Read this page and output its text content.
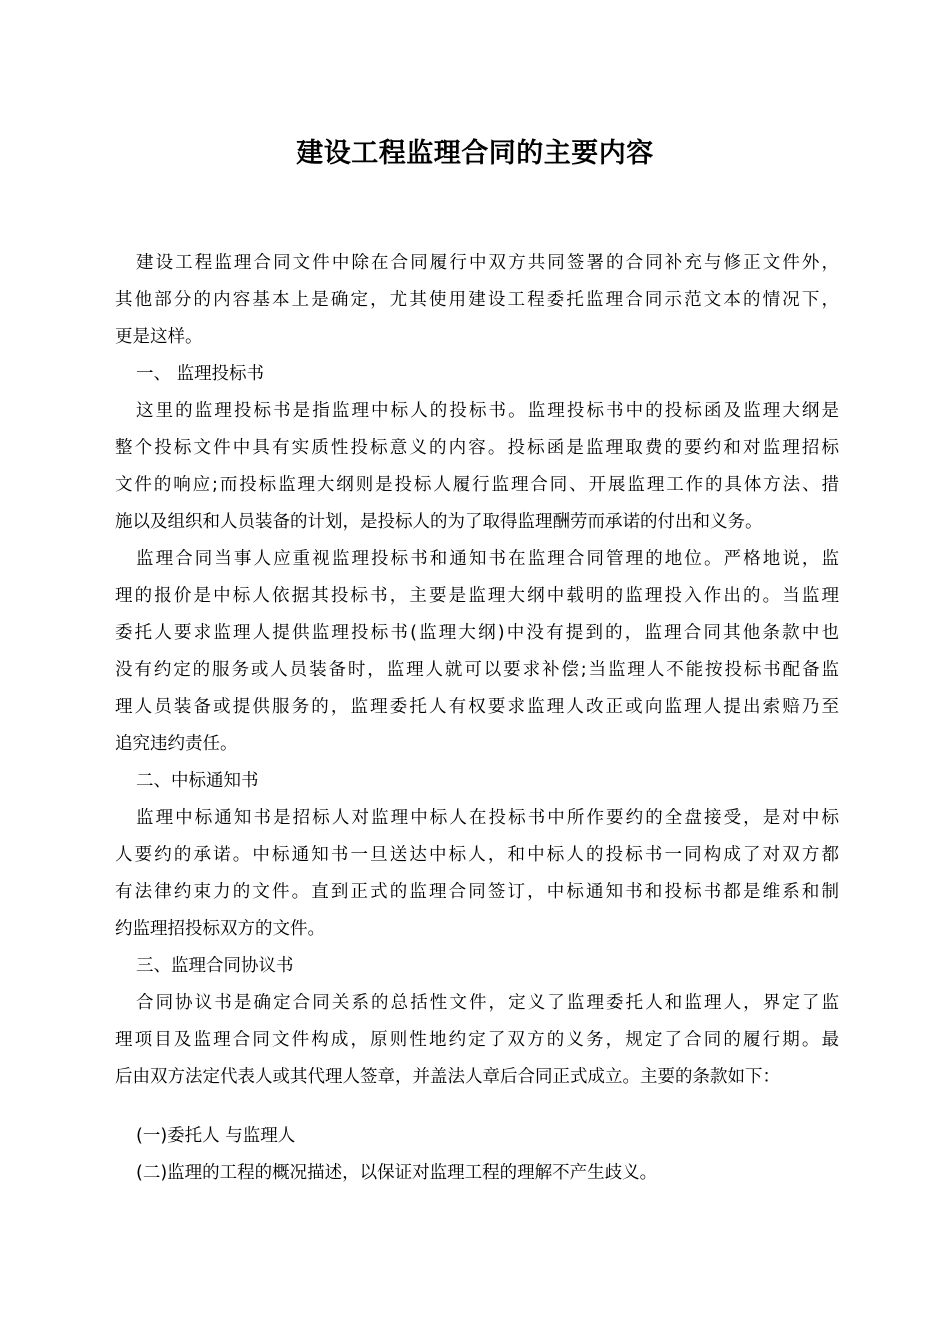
建设工程监理合同的主要内容
建设工程监理合同文件中除在合同履行中双方共同签署的合同补充与修正文件外，
其他部分的内容基本上是确定，尤其使用建设工程委托监理合同示范文本的情况下，
更是这样。
一、 监理投标书
这里的监理投标书是指监理中标人的投标书。监理投标书中的投标函及监理大纲是
整个投标文件中具有实质性投标意义的内容。投标函是监理取费的要约和对监理招标
文件的响应;而投标监理大纲则是投标人履行监理合同、开展监理工作的具体方法、措
施以及组织和人员装备的计划，是投标人的为了取得监理酬劳而承诺的付出和义务。
监理合同当事人应重视监理投标书和通知书在监理合同管理的地位。严格地说，监
理的报价是中标人依据其投标书，主要是监理大纲中载明的监理投入作出的。当监理
委托人要求监理人提供监理投标书(监理大纲)中没有提到的，监理合同其他条款中也
没有约定的服务或人员装备时，监理人就可以要求补偿;当监理人不能按投标书配备监
理人员装备或提供服务的，监理委托人有权要求监理人改正或向监理人提出索赔乃至
追究违约责任。
二、中标通知书
监理中标通知书是招标人对监理中标人在投标书中所作要约的全盘接受，是对中标
人要约的承诺。中标通知书一旦送达中标人，和中标人的投标书一同构成了对双方都
有法律约束力的文件。直到正式的监理合同签订，中标通知书和投标书都是维系和制
约监理招投标双方的文件。
三、监理合同协议书
合同协议书是确定合同关系的总括性文件，定义了监理委托人和监理人，界定了监
理项目及监理合同文件构成，原则性地约定了双方的义务，规定了合同的履行期。最
后由双方法定代表人或其代理人签章，并盖法人章后合同正式成立。主要的条款如下：
(一)委托人 与监理人
(二)监理的工程的概况描述，以保证对监理工程的理解不产生歧义。
